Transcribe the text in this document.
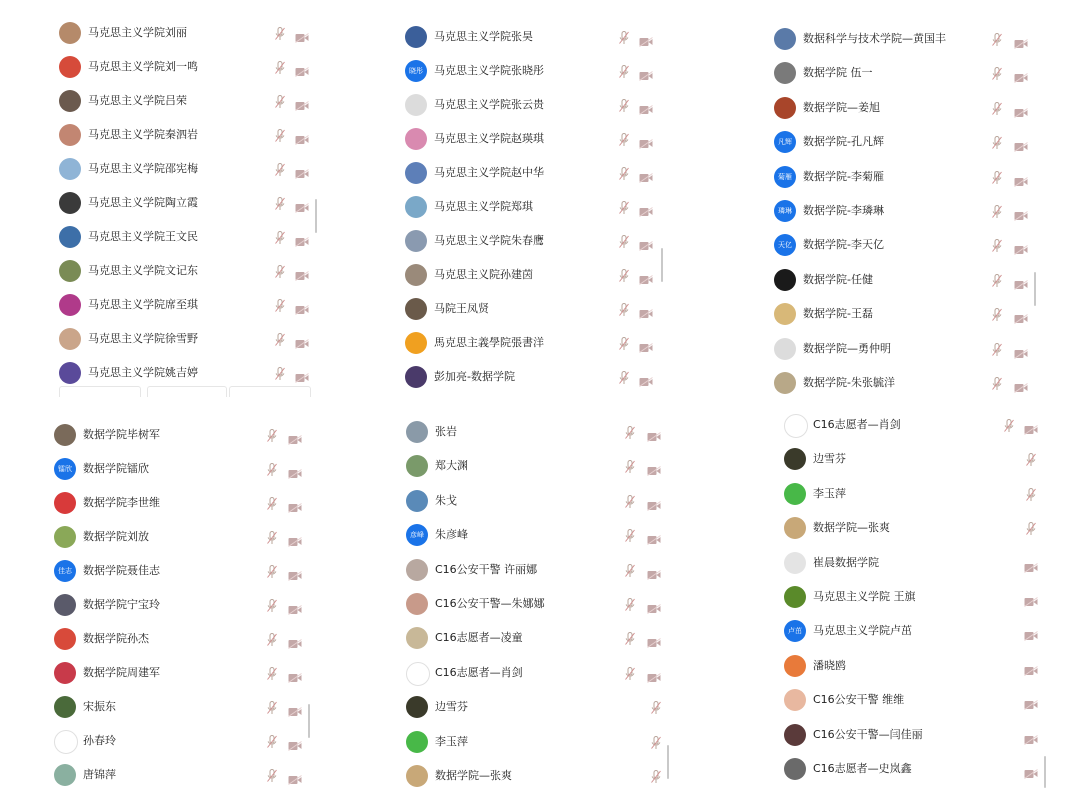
马克思主义学院刘丽
马克思主义学院刘一鸣
马克思主义学院吕荣
马克思主义学院秦泗岩
马克思主义学院邵宪梅
马克思主义学院陶立霞
马克思主义学院王文民
马克思主义学院文记东
马克思主义学院席至琪
马克思主义学院徐雪野
马克思主义学院姚吉婷
马克思主义学院张昊
晓彤 马克思主义学院张晓彤
马克思主义学院张云贵
马克思主义学院赵瑛琪
马克思主义学院赵中华
马克思主义学院郑琪
马克思主义学院朱春鹰
马克思主义院孙建茵
马院王凤贤
馬克思主義學院張書洋
彭加亮-数据学院
数据科学与技术学院—黄国丰
数据学院 伍一
数据学院—姜旭
凡辉 数据学院-孔凡辉
菊雁 数据学院-李菊雁
璘琳 数据学院-李璘琳
天亿 数据学院-李天亿
数据学院-任健
数据学院-王磊
数据学院—勇仲明
数据学院-朱张毓洋
数据学院毕树军
镭欣 数据学院镭欣
数据学院李世维
数据学院刘放
佳志 数据学院聂佳志
数据学院宁宝玲
数据学院孙杰
数据学院周建军
宋振东
孙春玲
唐锦萍
张岩
郑大渊
朱戈
彦峰 朱彦峰
C16公安干警 许丽娜
C16公安干警—朱娜娜
C16志愿者—凌童
C16志愿者—肖剑
边雪芬
李玉萍
数据学院—张爽
C16志愿者—肖剑
边雪芬
李玉萍
数据学院—张爽
崔晨数据学院
马克思主义学院 王旗
卢茁 马克思主义学院卢茁
潘晓鸥
C16公安干警 维维
C16公安干警—闫佳丽
C16志愿者—史岚鑫
